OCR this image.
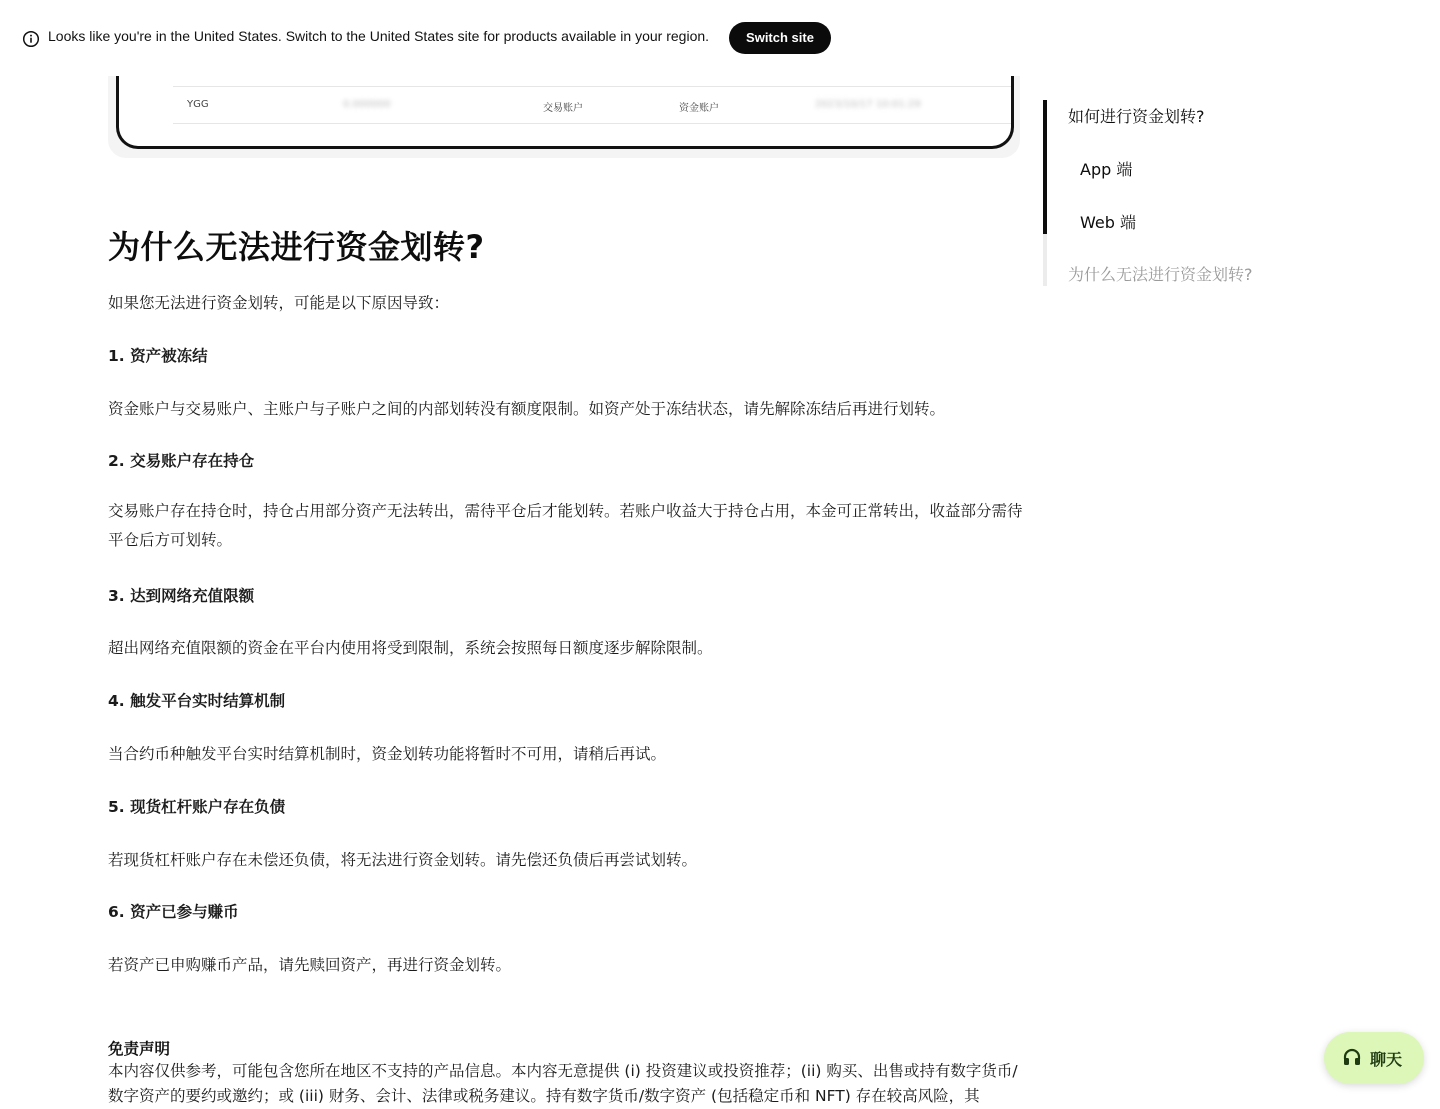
Looks like you're in the United States. Switch to the United States site for products available in your region.	Switch site
YGG	0.000000	交易账户	资金账户	2023/10/17 10:01:29
为什么无法进行资金划转?

如果您无法进行资金划转，可能是以下原因导致：

1. 资产被冻结

资金账户与交易账户、主账户与子账户之间的内部划转没有额度限制。如资产处于冻结状态，请先解除冻结后再进行划转。

2. 交易账户存在持仓

交易账户存在持仓时，持仓占用部分资产无法转出，需待平仓后才能划转。若账户收益大于持仓占用，本金可正常转出，收益部分需待平仓后方可划转。

3. 达到网络充值限额

超出网络充值限额的资金在平台内使用将受到限制，系统会按照每日额度逐步解除限制。

4. 触发平台实时结算机制

当合约币种触发平台实时结算机制时，资金划转功能将暂时不可用，请稍后再试。

5. 现货杠杆账户存在负债

若现货杠杆账户存在未偿还负债，将无法进行资金划转。请先偿还负债后再尝试划转。

6. 资产已参与赚币

若资产已申购赚币产品，请先赎回资产，再进行资金划转。

免责声明

本内容仅供参考，可能包含您所在地区不支持的产品信息。本内容无意提供 (i) 投资建议或投资推荐；(ii) 购买、出售或持有数字货币/数字资产的要约或邀约；或 (iii) 财务、会计、法律或税务建议。持有数字货币/数字资产 (包括稳定币和 NFT) 存在较高风险，其

如何进行资金划转?
App 端
Web 端
为什么无法进行资金划转?
聊天
